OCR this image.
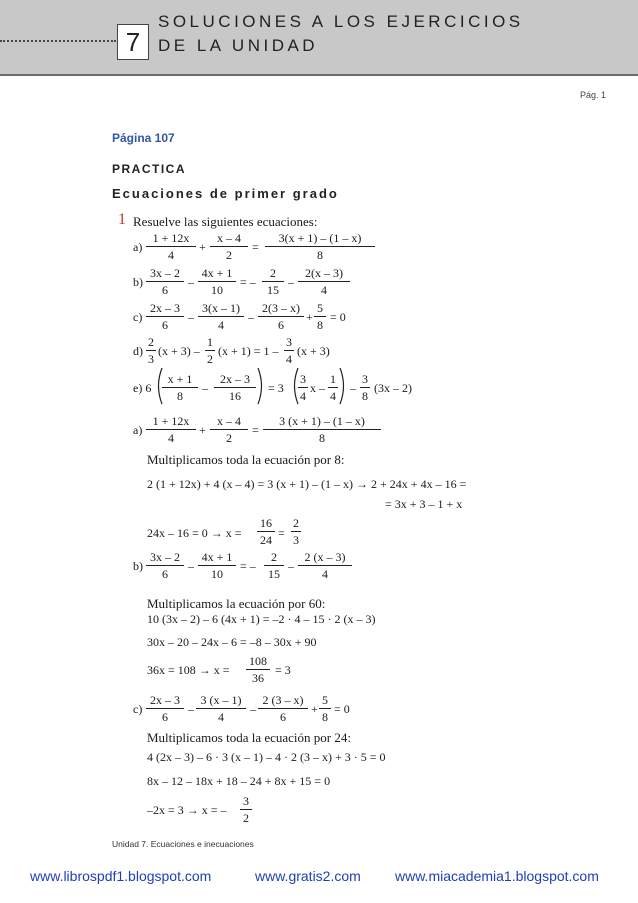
7
SOLUCIONES A LOS EJERCICIOS
DE LA UNIDAD
Pág. 1
Página 107
PRACTICA
Ecuaciones de primer grado
1 Resuelve las siguientes ecuaciones:
$a) \frac{1 + 12x}{4} + \frac{x - 4}{2} = \frac{3(x + 1) - (1 - x)}{8}$
$b) \frac{3x - 2}{6} - \frac{4x + 1}{10}$ = – $\frac{2}{15} - \frac{2(x - 3)}{4}$
$c) \frac{2x - 3}{6} - \frac{3(x - 1)}{4} - \frac{2(3 - x)}{6} + \frac{5}{8} = 0$
$d) \frac{2}{3} (x + 3) - \frac{1}{2} (x + 1) = 1 - \frac{3}{4} (x + 3)$
e) $6 \frac{x + 1}{8} - \frac{2x - 3}{16} = 3 \frac{3}{4}$ x – $\frac{1}{4} - \frac{3}{8} (3x - 2)$
$a) \frac{1 + 12x}{4} + \frac{x - 4}{2} = \frac{3 (x + 1) - (1 - x)}{8}$
Multiplicamos toda la ecuación por 8:
2 (1 + 12x) + 4 (x – 4) = 3 (x + 1) – (1 – x) → 2 + 24x + 4x – 16 =
= 3x + 3 – 1 + x
$24x - 16 = 0 \to x = \frac{16}{24} = \frac{2}{3}$
$b) \frac{3x - 2}{6} - \frac{4x + 1}{10}$ = – $\frac{2}{15} - \frac{2 (x - 3)}{4}$
Multiplicamos la ecuación por 60:
10 (3x – 2) – 6 (4x + 1) = –2 · 4 – 15 · 2 (x – 3)
30x – 20 – 24x – 6 = –8 – 30x + 90
$36x = 108 \to x = \frac{108}{36} = 3$
$c) \frac{2x - 3}{6} - \frac{3 (x - 1)}{4} - \frac{2 (3 - x)}{6} + \frac{5}{8} = 0$
Multiplicamos toda la ecuación por 24:
4 (2x – 3) – 6 · 3 (x – 1) – 4 · 2 (3 – x) + 3 · 5 = 0
8x – 12 – 18x + 18 – 24 + 8x + 15 = 0
–2x = 3 → x = – $\frac{3}{2}$
Unidad 7. Ecuaciones e inecuaciones
www.librospdf1.blogspot.com	www.gratis2.com www.miacademia1.blogspot.com
